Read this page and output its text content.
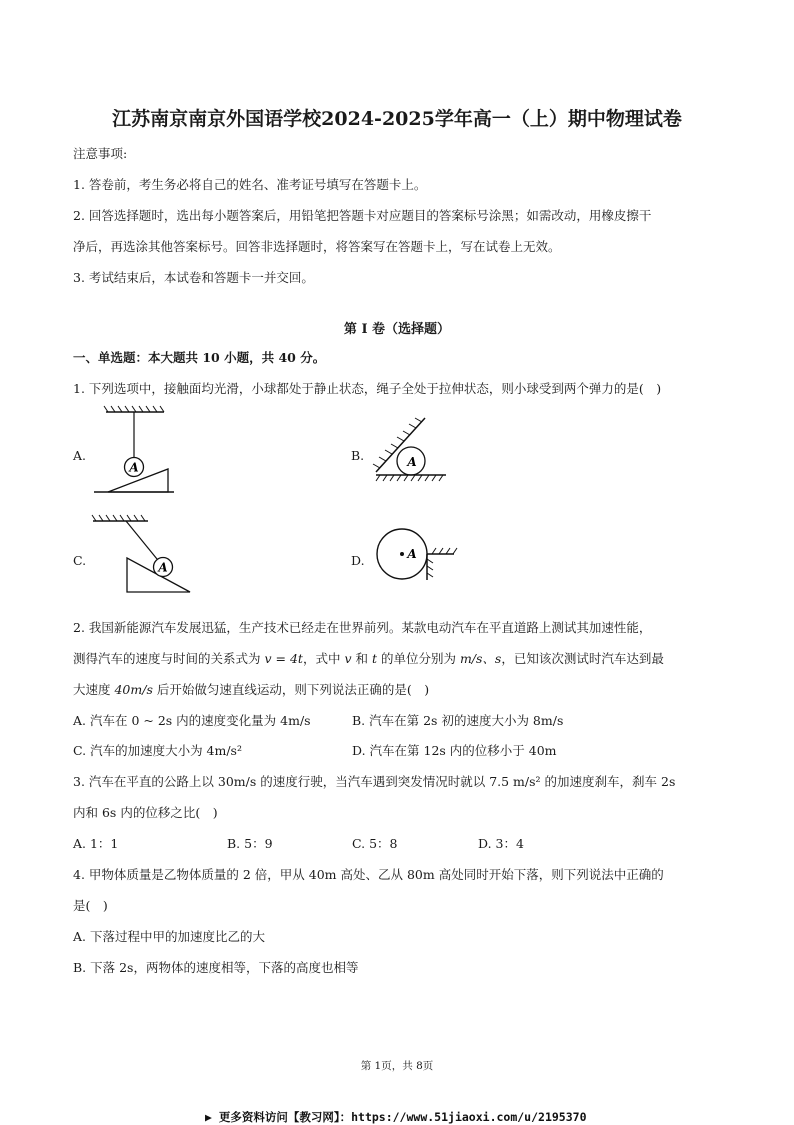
江苏南京南京外国语学校2024-2025学年高一（上）期中物理试卷
注意事项:
1. 答卷前，考生务必将自己的姓名、准考证号填写在答题卡上。
2. 回答选择题时，选出每小题答案后，用铅笔把答题卡对应题目的答案标号涂黑；如需改动，用橡皮擦干
净后，再选涂其他答案标号。回答非选择题时，将答案写在答题卡上，写在试卷上无效。
3. 考试结束后，本试卷和答题卡一并交回。
第 I 卷（选择题）
一、单选题：本大题共 10 小题，共 40 分。
1. 下列选项中，接触面均光滑，小球都处于静止状态，绳子全处于拉伸状态，则小球受到两个弹力的是(　)
A.	B.
C.	D.
A	A
A
A
2. 我国新能源汽车发展迅猛，生产技术已经走在世界前列。某款电动汽车在平直道路上测试其加速性能，
测得汽车的速度与时间的关系式为 v = 4t，式中 v 和 t 的单位分别为 m/s、s，已知该次测试时汽车达到最
大速度 40m/s 后开始做匀速直线运动，则下列说法正确的是(　)
A. 汽车在 0 ~ 2s 内的速度变化量为 4m/s	B. 汽车在第 2s 初的速度大小为 8m/s
C. 汽车的加速度大小为 4m/s²	D. 汽车在第 12s 内的位移小于 40m
3. 汽车在平直的公路上以 30m/s 的速度行驶，当汽车遇到突发情况时就以 7.5 m/s² 的加速度刹车，刹车 2s
内和 6s 内的位移之比(　)
A. 1：1	B. 5：9	C. 5：8	D. 3：4
4. 甲物体质量是乙物体质量的 2 倍，甲从 40m 高处、乙从 80m 高处同时开始下落，则下列说法中正确的
是(　)
A. 下落过程中甲的加速度比乙的大
B. 下落 2s，两物体的速度相等，下落的高度也相等
第 1页，共 8页
▶ 更多资料访问【教习网】：https://www.51jiaoxi.com/u/2195370
